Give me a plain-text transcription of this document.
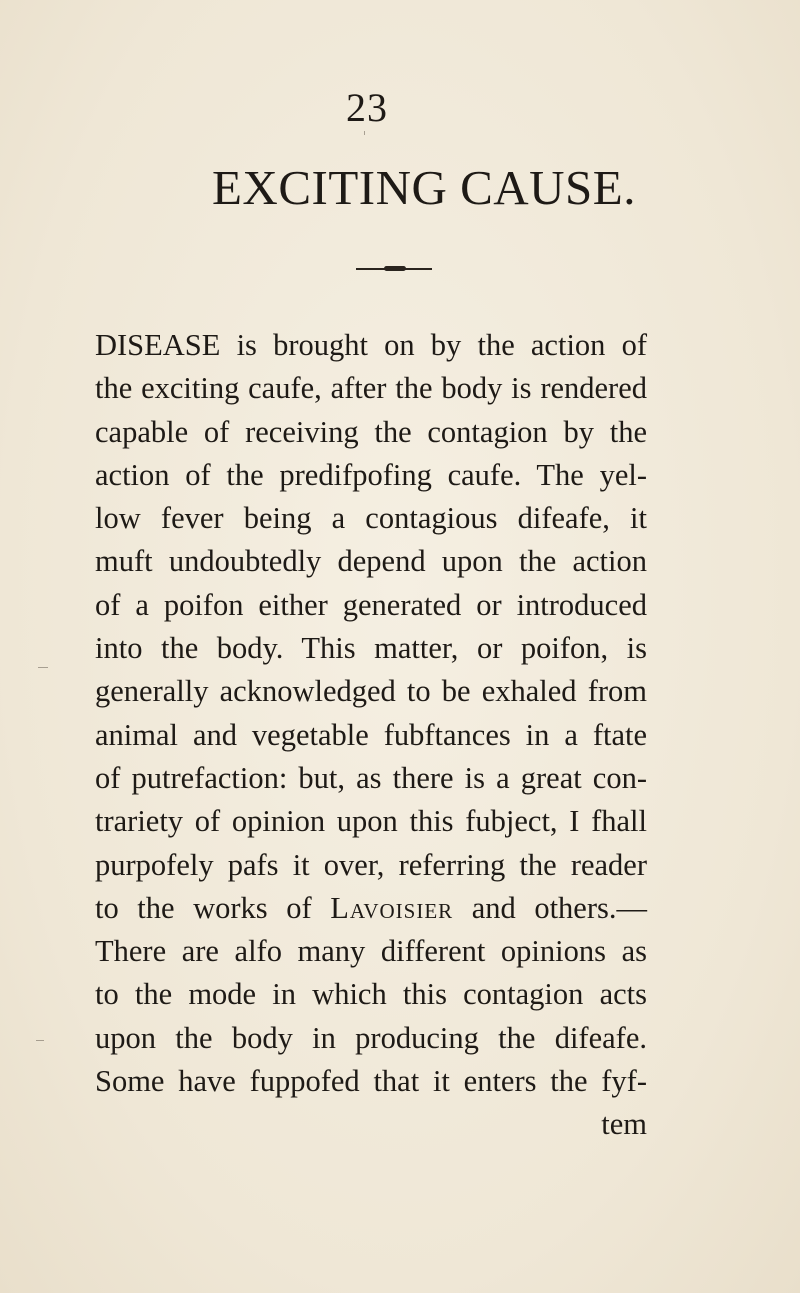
23
EXCITING CAUSE.
DISEASE is brought on by the action of
the exciting caufe, after the body is rendered
capable of receiving the contagion by the
action of the predifpofing caufe. The yel-
low fever being a contagious difeafe, it
muft undoubtedly depend upon the action
of a poifon either generated or introduced
into the body. This matter, or poifon, is
generally acknowledged to be exhaled from
animal and vegetable fubftances in a ftate
of putrefaction: but, as there is a great con-
trariety of opinion upon this fubject, I fhall
purpofely pafs it over, referring the reader
to the works of Lavoisier and others.—
There are alfo many different opinions as
to the mode in which this contagion acts
upon the body in producing the difeafe.
Some have fuppofed that it enters the fyf-
tem
